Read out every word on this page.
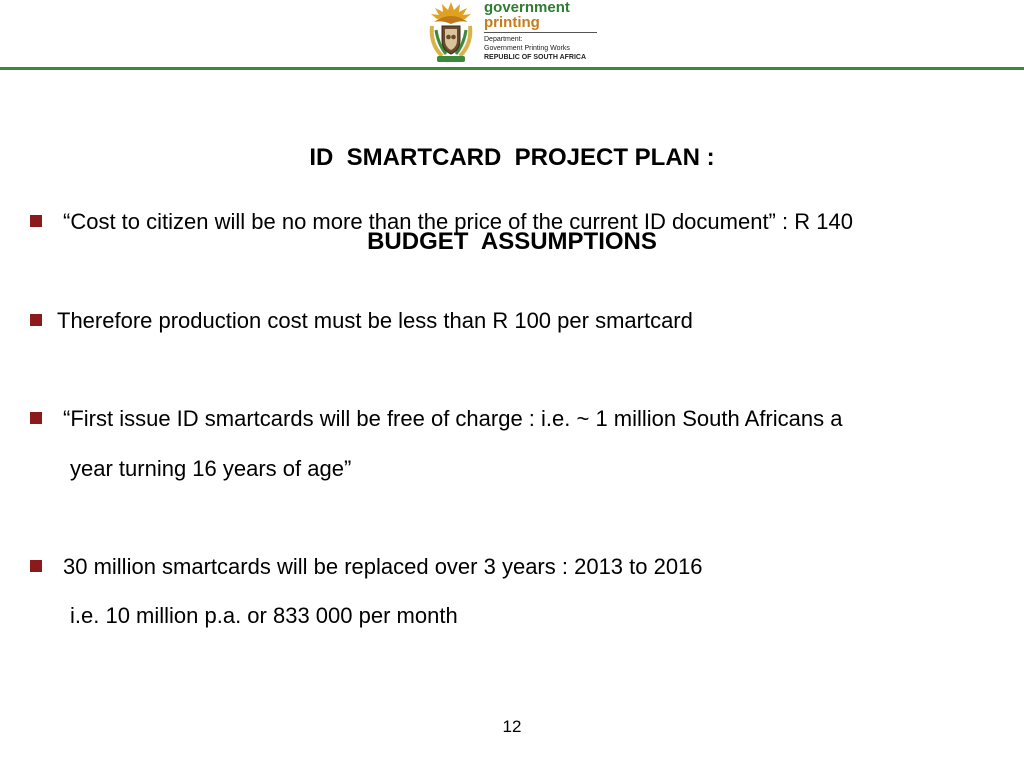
government
printing
Department:
Government Printing Works
REPUBLIC OF SOUTH AFRICA

ID  SMARTCARD  PROJECT PLAN :

BUDGET  ASSUMPTIONS

“Cost to citizen will be no more than the price of the current ID document” : R 140
Therefore production cost must be less than R 100 per smartcard
“First issue ID smartcards will be free of charge : i.e. ~ 1 million South Africans a
year turning 16 years of age”
30 million smartcards will be replaced over 3 years : 2013 to 2016
i.e. 10 million p.a. or 833 000 per month
12
